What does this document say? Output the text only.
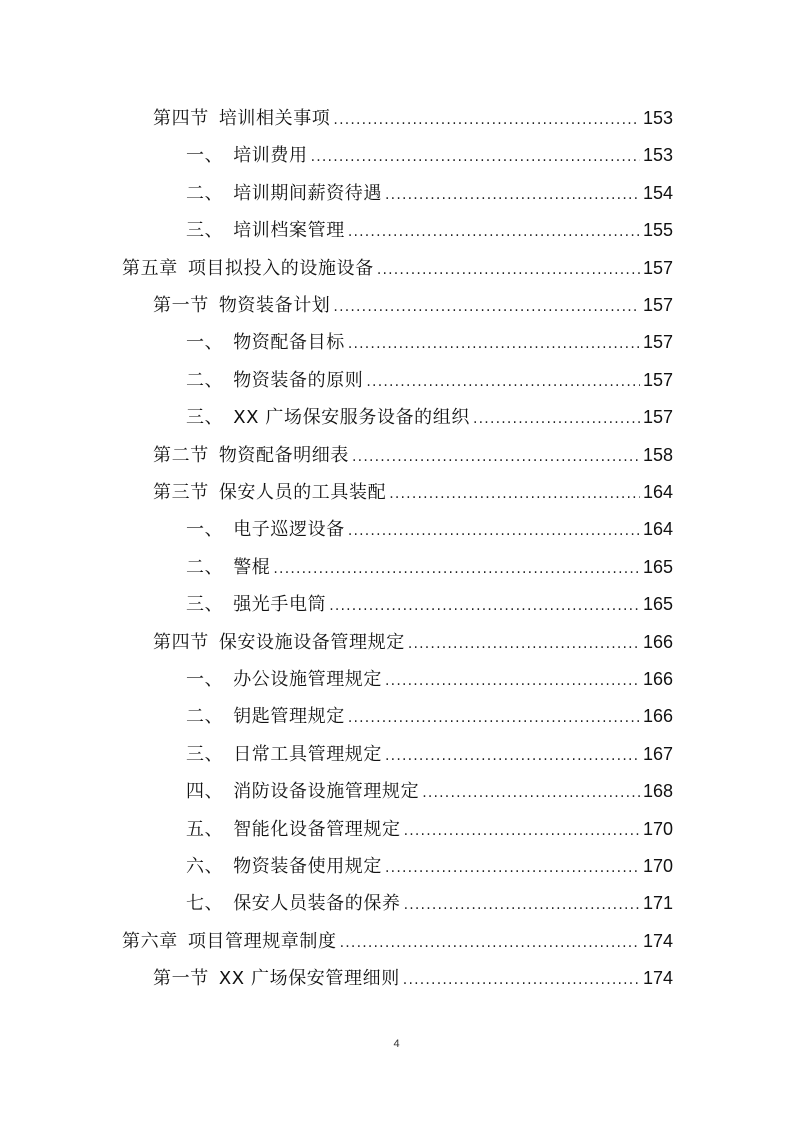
第四节 培训相关事项 .....	153
一、 培训费用 .....	153
二、 培训期间薪资待遇 .....	154
三、 培训档案管理 .....	155
第五章 项目拟投入的设施设备 .....	157
第一节 物资装备计划 .....	157
一、 物资配备目标 .....	157
二、 物资装备的原则 .....	157
三、 XX 广场保安服务设备的组织 .....	157
第二节 物资配备明细表 .....	158
第三节 保安人员的工具装配 .....	164
一、 电子巡逻设备 .....	164
二、 警棍 .....	165
三、 强光手电筒 .....	165
第四节 保安设施设备管理规定 .....	166
一、 办公设施管理规定 .....	166
二、 钥匙管理规定 .....	166
三、 日常工具管理规定 .....	167
四、 消防设备设施管理规定 .....	168
五、 智能化设备管理规定 .....	170
六、 物资装备使用规定 .....	170
七、 保安人员装备的保养 .....	171
第六章 项目管理规章制度 .....	174
第一节 XX 广场保安管理细则 .....	174
4
